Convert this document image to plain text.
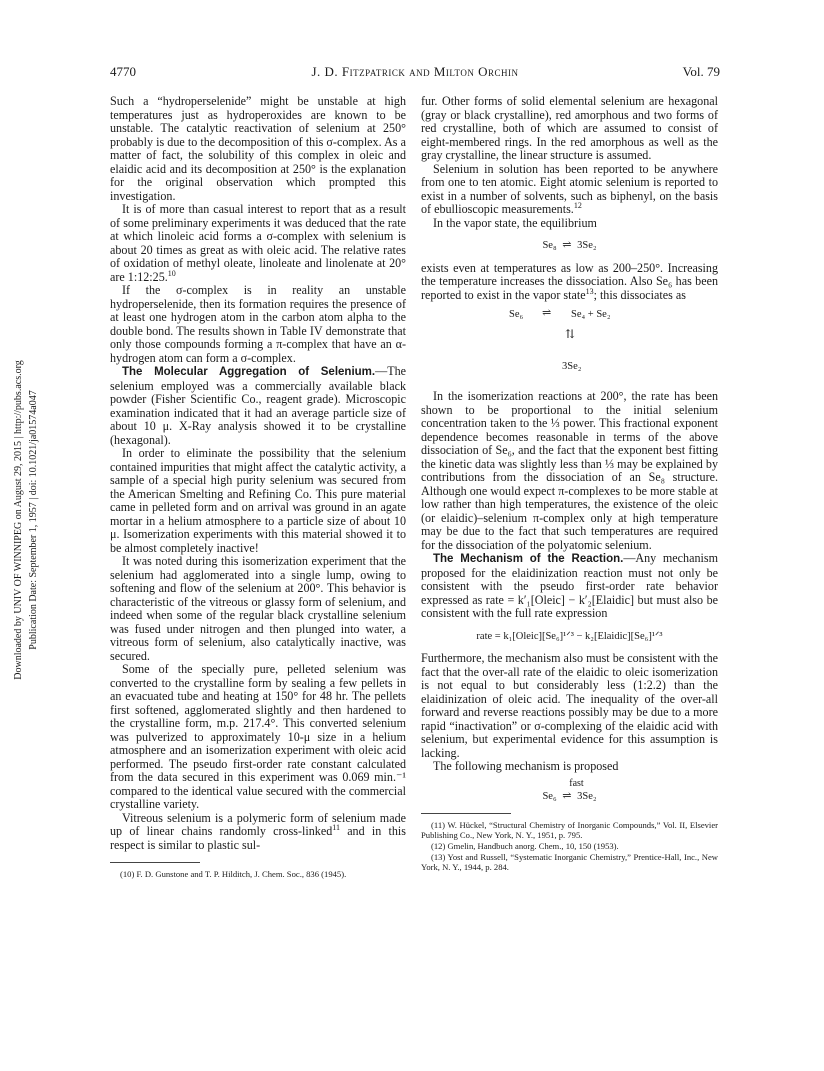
4770	J. D. Fitzpatrick and Milton Orchin	Vol. 79
Downloaded by UNIV OF WINNIPEG on August 29, 2015 | http://pubs.acs.org Publication Date: September 1, 1957 | doi: 10.1021/ja01574a047

Such a “hydroperselenide” might be unstable at high temperatures just as hydroperoxides are known to be unstable. The catalytic reactivation of selenium at 250° probably is due to the decomposition of this σ-complex. As a matter of fact, the solubility of this complex in oleic and elaidic acid and its decomposition at 250° is the explanation for the original observation which prompted this investigation.

It is of more than casual interest to report that as a result of some preliminary experiments it was deduced that the rate at which linoleic acid forms a σ-complex with selenium is about 20 times as great as with oleic acid. The relative rates of oxidation of methyl oleate, linoleate and linolenate at 20° are 1:12:25.10

If the σ-complex is in reality an unstable hydroperselenide, then its formation requires the presence of at least one hydrogen atom in the carbon atom alpha to the double bond. The results shown in Table IV demonstrate that only those compounds forming a π-complex that have an α-hydrogen atom can form a σ-complex.

The Molecular Aggregation of Selenium.—The selenium employed was a commercially available black powder (Fisher Scientific Co., reagent grade). Microscopic examination indicated that it had an average particle size of about 10 μ. X-Ray analysis showed it to be crystalline (hexagonal).

In order to eliminate the possibility that the selenium contained impurities that might affect the catalytic activity, a sample of a special high purity selenium was secured from the American Smelting and Refining Co. This pure material came in pelleted form and on arrival was ground in an agate mortar in a helium atmosphere to a particle size of about 10 μ. Isomerization experiments with this material showed it to be almost completely inactive!

It was noted during this isomerization experiment that the selenium had agglomerated into a single lump, owing to softening and flow of the selenium at 200°. This behavior is characteristic of the vitreous or glassy form of selenium, and indeed when some of the regular black crystalline selenium was fused under nitrogen and then plunged into water, a vitreous form of selenium, also catalytically inactive, was secured.

Some of the specially pure, pelleted selenium was converted to the crystalline form by sealing a few pellets in an evacuated tube and heating at 150° for 48 hr. The pellets first softened, agglomerated slightly and then hardened to the crystalline form, m.p. 217.4°. This converted selenium was pulverized to approximately 10-μ size in a helium atmosphere and an isomerization experiment with oleic acid performed. The pseudo first-order rate constant calculated from the data secured in this experiment was 0.069 min.⁻¹ compared to the identical value secured with the commercial crystalline variety.

Vitreous selenium is a polymeric form of selenium made up of linear chains randomly cross-linked$^{11}$ and in this respect is similar to plastic sul-

(10) F. D. Gunstone and T. P. Hilditch, J. Chem. Soc., 836 (1945).

fur. Other forms of solid elemental selenium are hexagonal (gray or black crystalline), red amorphous and two forms of red crystalline, both of which are assumed to consist of eight-membered rings. In the red amorphous as well as the gray crystalline, the linear structure is assumed.

Selenium in solution has been reported to be anywhere from one to ten atomic. Eight atomic selenium is reported to exist in a number of solvents, such as biphenyl, on the basis of ebullioscopic measurements.$^{12}$

In the vapor state, the equilibrium

Se₈ ⇌ 3Se₂

exists even at temperatures as low as 200–250°. Increasing the temperature increases the dissociation. Also Se₆ has been reported to exist in the vapor state$^{13}$; this dissociates as

Se₆ ⇌ Se₄ + Se₂
⇅
3Se₂

In the isomerization reactions at 200°, the rate has been shown to be proportional to the initial selenium concentration taken to the ⅓ power. This fractional exponent dependence becomes reasonable in terms of the above dissociation of Se₆, and the fact that the exponent best fitting the kinetic data was slightly less than ⅓ may be explained by contributions from the dissociation of an Se₈ structure. Although one would expect π-complexes to be more stable at low rather than high temperatures, the existence of the oleic (or elaidic)–selenium π-complex only at high temperature may be due to the fact that such temperatures are required for the dissociation of the polyatomic selenium.

The Mechanism of the Reaction.—Any mechanism proposed for the elaidinization reaction must not only be consistent with the pseudo first-order rate behavior expressed as rate = k′₁[Oleic] − k′₂[Elaidic] but must also be consistent with the full rate expression

rate = k₁[Oleic][Se₆]¹ᐟ³ − k₂[Elaidic][Se₆]¹ᐟ³

Furthermore, the mechanism also must be consistent with the fact that the over-all rate of the elaidic to oleic isomerization is not equal to but considerably less (1:2.2) than the elaidinization of oleic acid. The inequality of the over-all forward and reverse reactions possibly may be due to a more rapid “inactivation” or σ-complexing of the elaidic acid with selenium, but experimental evidence for this assumption is lacking.

The following mechanism is proposed

Se₆
fast
⇌ 3Se₂

(11) W. Hückel, “Structural Chemistry of Inorganic Compounds,” Vol. II, Elsevier Publishing Co., New York, N. Y., 1951, p. 795.

(12) Gmelin, Handbuch anorg. Chem., 10, 150 (1953).

(13) Yost and Russell, “Systematic Inorganic Chemistry,” Prentice-Hall, Inc., New York, N. Y., 1944, p. 284.
